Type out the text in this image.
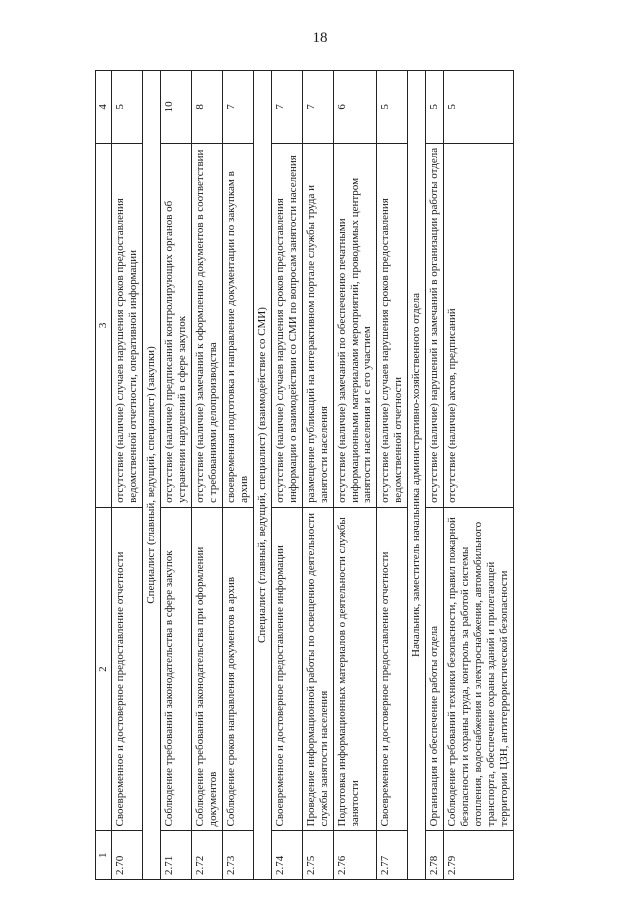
18
1	2	3	4
2.70	Своевременное и достоверное предоставление отчетности	отсутствие (наличие) случаев нарушения сроков предоставления ведомственной отчетности, оперативной информации	5
Специалист (главный, ведущий, специалист) (закупки)			
2.71	Соблюдение требований законодательства в сфере закупок	отсутствие (наличие) предписаний контролирующих органов об устранении нарушений в сфере закупок	10
2.72	Соблюдение требований законодательства при оформлении документов	отсутствие (наличие) замечаний к оформлению документов в соответствии с требованиями делопроизводства	8
2.73	Соблюдение сроков направления документов в архив	своевременная подготовка и направление документации по закупкам в архив	7
Специалист (главный, ведущий, специалист) (взаимодействие со СМИ)			
2.74	Своевременное и достоверное предоставление информации	отсутствие (наличие) случаев нарушения сроков предоставления информации о взаимодействии со СМИ по вопросам занятости населения	7
2.75	Проведение информационной работы по освещению деятельности службы занятости населения	размещение публикаций на интерактивном портале службы труда и занятости населения	7
2.76	Подготовка информационных материалов о деятельности службы занятости	отсутствие (наличие) замечаний по обеспечению печатными информационными материалами мероприятий, проводимых центром занятости населения и с его участием	6
2.77	Своевременное и достоверное предоставление отчетности	отсутствие (наличие) случаев нарушения сроков предоставления ведомственной отчетности	5
Начальник, заместитель начальника административно-хозяйственного отдела			
2.78	Организация и обеспечение работы отдела	отсутствие (наличие) нарушений и замечаний в организации работы отдела	5
2.79	Соблюдение требований техники безопасности, правил пожарной безопасности и охраны труда, контроль за работой системы отопления, водоснабжения и электроснабжения, автомобильного транспорта, обеспечение охраны зданий и прилегающей территории ЦЗН, антитеррористической безопасности	отсутствие (наличие) актов, предписаний	5
